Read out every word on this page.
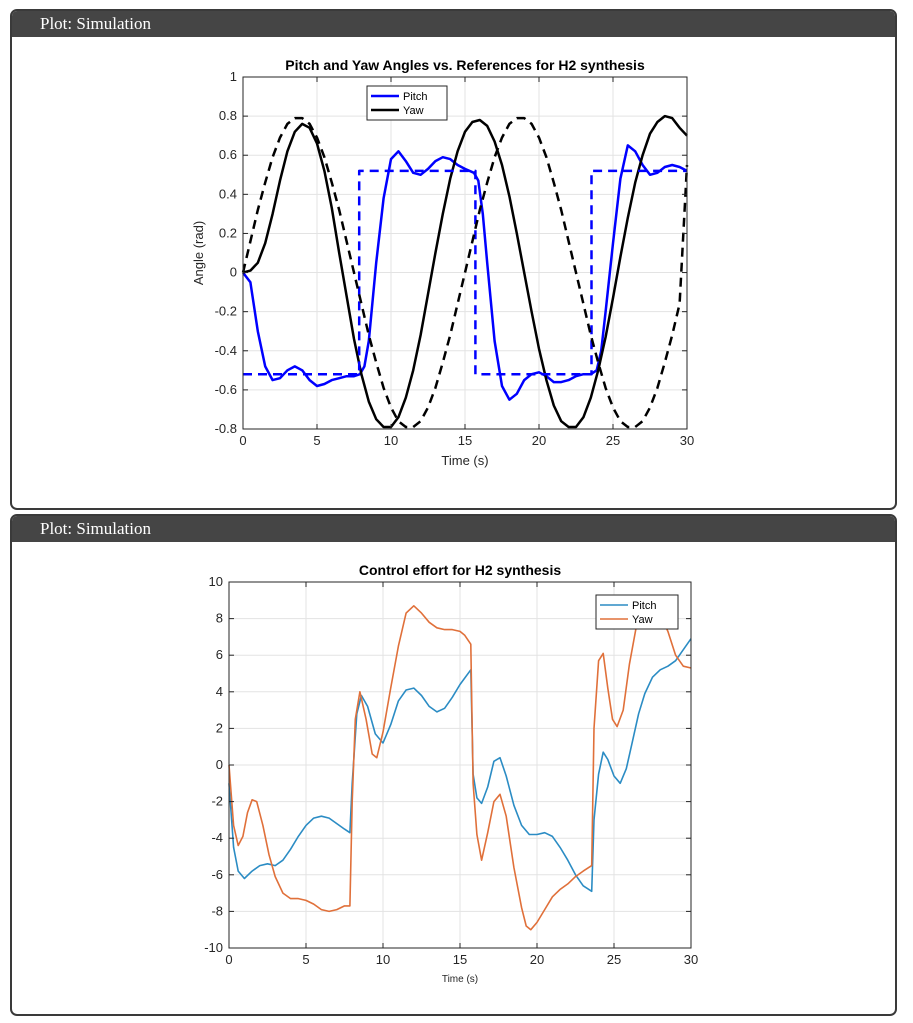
Plot: Simulation
0	5	10	15	20	25	30
-0.8
-0.6
-0.4
-0.2
0
0.2
0.4
0.6
0.8
1
Pitch and Yaw Angles vs. References for H2 synthesis
Time (s)
Angle (rad)
Pitch
Yaw
Plot: Simulation
0	5	10	15	20	25	30
-10
-8
-6
-4
-2
0
2
4
6
8
10
Control effort for H2 synthesis
Time (s)
Pitch
Yaw
